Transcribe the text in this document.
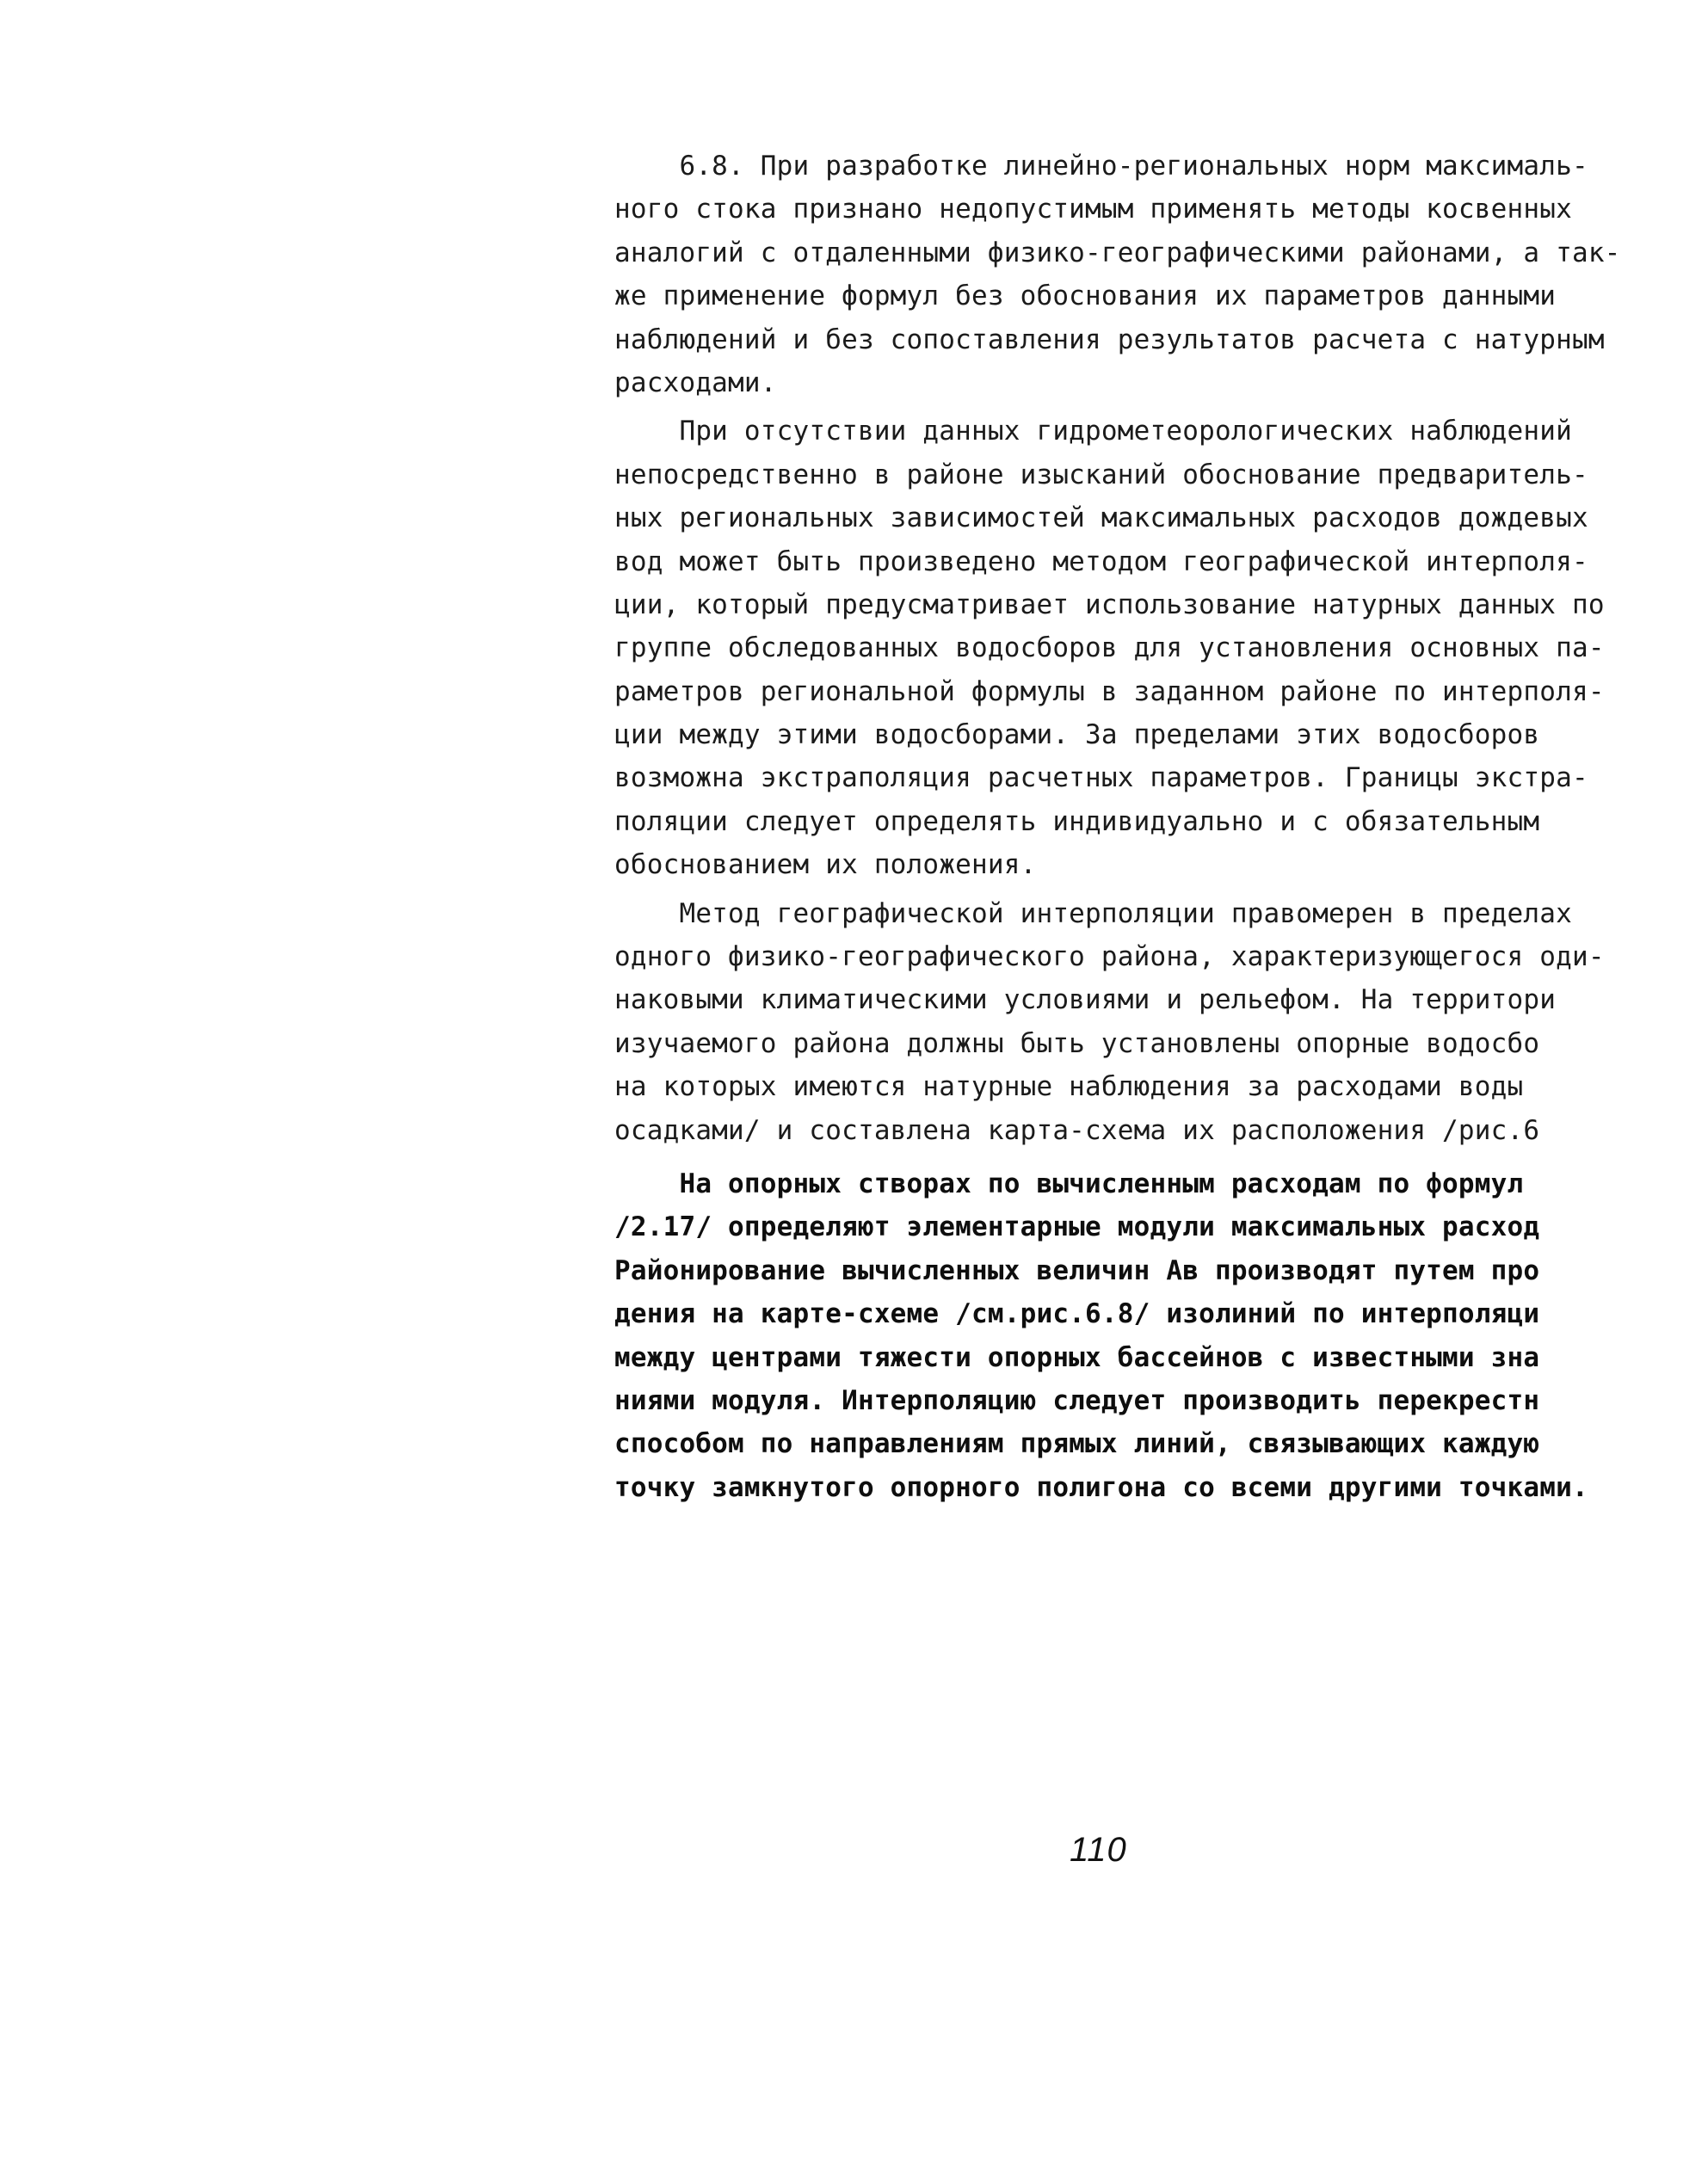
6.8. При разработке линейно-региональных норм максималь-
ного стока признано недопустимым применять методы косвенных
аналогий с отдаленными физико-географическими районами, а так-
же применение формул без обоснования их параметров данными
наблюдений и без сопоставления результатов расчета с натурным
расходами.
При отсутствии данных гидрометеорологических наблюдений
непосредственно в районе изысканий обоснование предваритель-
ных региональных зависимостей максимальных расходов дождевых
вод может быть произведено методом географической интерполя-
ции, который предусматривает использование натурных данных по
группе обследованных водосборов для установления основных па-
раметров региональной формулы в заданном районе по интерполя-
ции между этими водосборами. За пределами этих водосборов
возможна экстраполяция расчетных параметров. Границы экстра-
поляции следует определять индивидуально и с обязательным
обоснованием их положения.
Метод географической интерполяции правомерен в пределах
одного физико-географического района, характеризующегося оди-
наковыми климатическими условиями и рельефом. На территори
изучаемого района должны быть установлены опорные водосбо
на которых имеются натурные наблюдения за расходами воды
осадками/ и составлена карта-схема их расположения /рис.6
На опорных створах по вычисленным расходам по формул
/2.17/ определяют элементарные модули максимальных расход
Районирование вычисленных величин Ав производят путем про
дения на карте-схеме /см.рис.6.8/ изолиний по интерполяци
между центрами тяжести опорных бассейнов с известными зна
ниями модуля. Интерполяцию следует производить перекрестн
способом по направлениям прямых линий, связывающих каждую
точку замкнутого опорного полигона со всеми другими точками.
110
